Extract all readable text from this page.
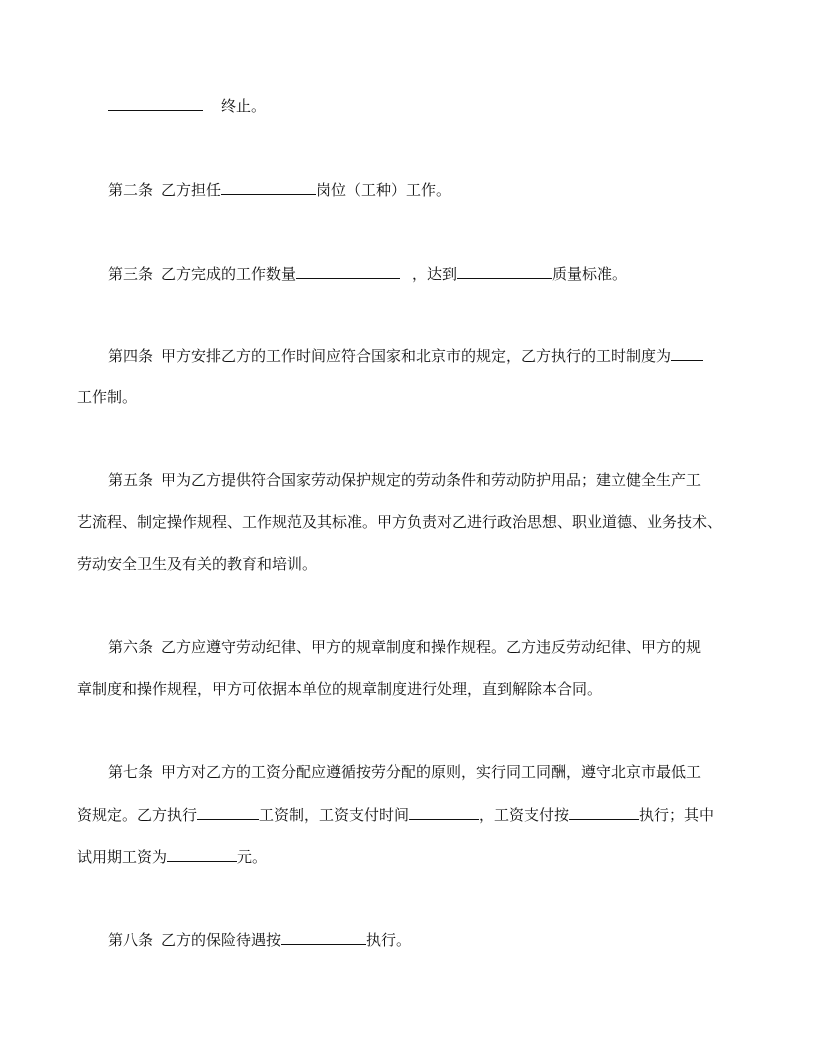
终止。
第二条 乙方担任	岗位（工种）工作。
第三条 乙方完成的工作数量	，达到	质量标准。
第四条 甲方安排乙方的工作时间应符合国家和北京市的规定，乙方执行的工时制度为
工作制。
第五条 甲为乙方提供符合国家劳动保护规定的劳动条件和劳动防护用品；建立健全生产工
艺流程、制定操作规程、工作规范及其标准。甲方负责对乙进行政治思想、职业道德、业务技术、
劳动安全卫生及有关的教育和培训。
第六条 乙方应遵守劳动纪律、甲方的规章制度和操作规程。乙方违反劳动纪律、甲方的规
章制度和操作规程，甲方可依据本单位的规章制度进行处理，直到解除本合同。
第七条 甲方对乙方的工资分配应遵循按劳分配的原则，实行同工同酬，遵守北京市最低工
资规定。乙方执行	工资制，工资支付时间	，工资支付按	执行；其中
试用期工资为	元。
第八条 乙方的保险待遇按	执行。
